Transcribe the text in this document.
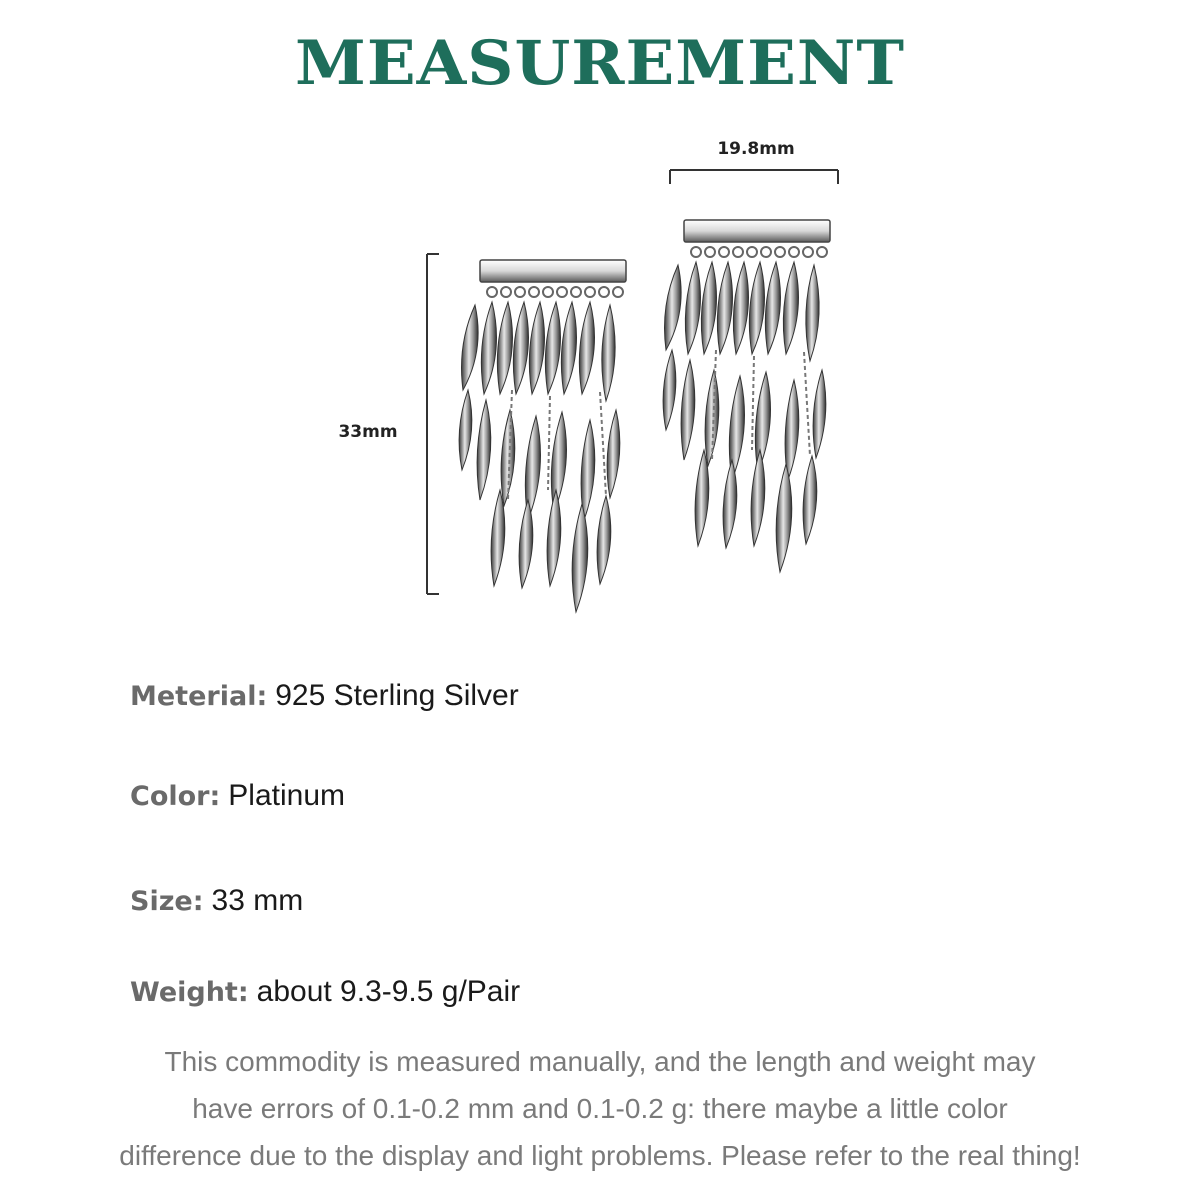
MEASUREMENT
19.8mm
33mm
Meterial: 925 Sterling Silver
Color: Platinum
Size: 33 mm
Weight: about 9.3-9.5 g/Pair
This commodity is measured manually, and the length and weight may
have errors of 0.1-0.2 mm and 0.1-0.2 g: there maybe a little color
difference due to the display and light problems. Please refer to the real thing!
